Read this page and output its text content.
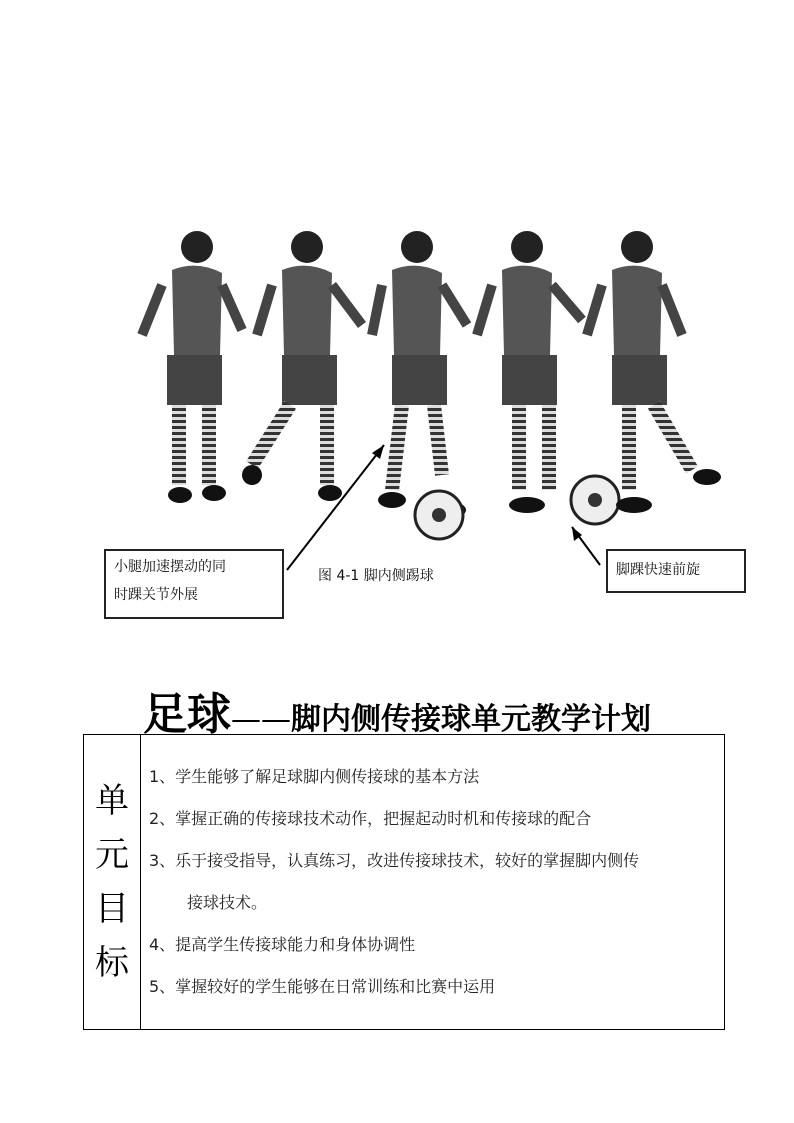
小腿加速摆动的同
时踝关节外展
脚踝快速前旋
图 4-1 脚内侧踢球
足球——脚内侧传接球单元教学计划
单
元
目
标
1、学生能够了解足球脚内侧传接球的基本方法
2、掌握正确的传接球技术动作，把握起动时机和传接球的配合
3、乐于接受指导，认真练习，改进传接球技术，较好的掌握脚内侧传
接球技术。
4、提高学生传接球能力和身体协调性
5、掌握较好的学生能够在日常训练和比赛中运用
